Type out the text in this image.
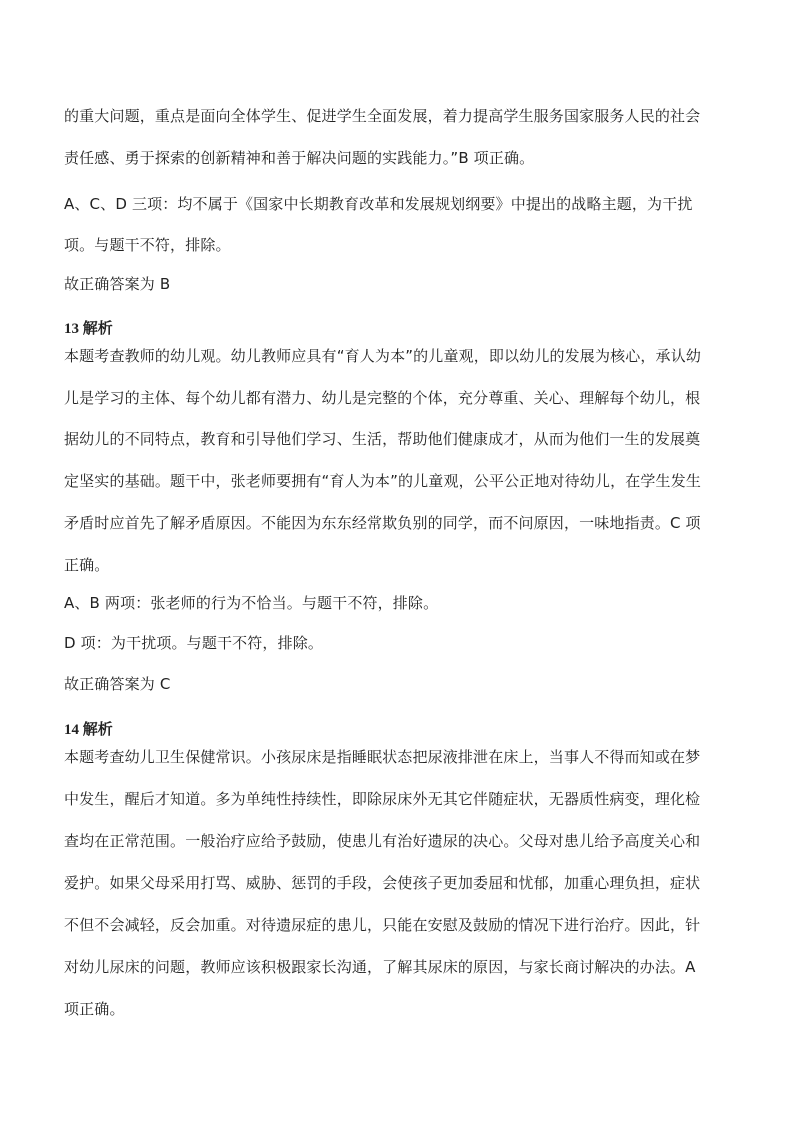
的重大问题，重点是面向全体学生、促进学生全面发展，着力提高学生服务国家服务人民的社会
责任感、勇于探索的创新精神和善于解决问题的实践能力。”B 项正确。
A、C、D 三项：均不属于《国家中长期教育改革和发展规划纲要》中提出的战略主题，为干扰
项。与题干不符，排除。
故正确答案为 B
13 解析
本题考查教师的幼儿观。幼儿教师应具有“育人为本”的儿童观，即以幼儿的发展为核心，承认幼
儿是学习的主体、每个幼儿都有潜力、幼儿是完整的个体，充分尊重、关心、理解每个幼儿，根
据幼儿的不同特点，教育和引导他们学习、生活，帮助他们健康成才，从而为他们一生的发展奠
定坚实的基础。题干中，张老师要拥有“育人为本”的儿童观，公平公正地对待幼儿，在学生发生
矛盾时应首先了解矛盾原因。不能因为东东经常欺负别的同学，而不问原因，一味地指责。C 项
正确。
A、B 两项：张老师的行为不恰当。与题干不符，排除。
D 项：为干扰项。与题干不符，排除。
故正确答案为 C
14 解析
本题考查幼儿卫生保健常识。小孩尿床是指睡眠状态把尿液排泄在床上，当事人不得而知或在梦
中发生，醒后才知道。多为单纯性持续性，即除尿床外无其它伴随症状，无器质性病变，理化检
查均在正常范围。一般治疗应给予鼓励，使患儿有治好遗尿的决心。父母对患儿给予高度关心和
爱护。如果父母采用打骂、威胁、惩罚的手段，会使孩子更加委屈和忧郁，加重心理负担，症状
不但不会减轻，反会加重。对待遗尿症的患儿，只能在安慰及鼓励的情况下进行治疗。因此，针
对幼儿尿床的问题，教师应该积极跟家长沟通，了解其尿床的原因，与家长商讨解决的办法。A
项正确。
